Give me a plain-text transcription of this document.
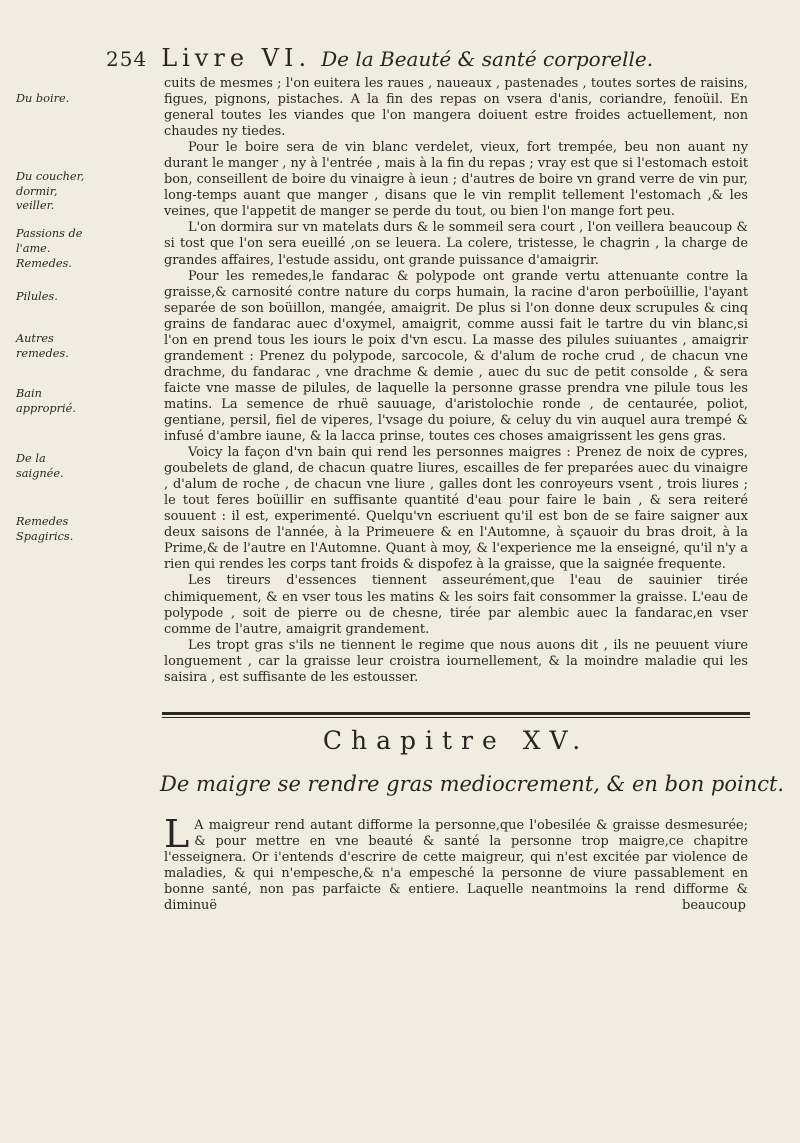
254 Livre VI. De la Beauté & santé corporelle.
Du boire.
Du coucher, dormir, veiller.
Passions de l'ame.
Remedes.
Pilules.
Autres remedes.
Bain approprié.
De la saignée.
Remedes Spagirics.

cuits de mesmes ; l'on euitera les raues , naueaux , pastenades , toutes sortes de raisins, figues, pignons, pistaches. A la fin des repas on vsera d'anis, coriandre, fenoüil. En general toutes les viandes que l'on mangera doiuent estre froides actuellement, non chaudes ny tiedes.

Pour le boire sera de vin blanc verdelet, vieux, fort trempée, beu non auant ny durant le manger , ny à l'entrée , mais à la fin du repas ; vray est que si l'estomach estoit bon, conseillent de boire du vinaigre à ieun ; d'autres de boire vn grand verre de vin pur, long-temps auant que manger , disans que le vin remplit tellement l'estomach ,& les veines, que l'appetit de manger se perde du tout, ou bien l'on mange fort peu.

L'on dormira sur vn matelats durs & le sommeil sera court , l'on veillera beaucoup & si tost que l'on sera eueillé ,on se leuera. La colere, tristesse, le chagrin , la charge de grandes affaires, l'estude assidu, ont grande puissance d'amaigrir.

Pour les remedes,le fandarac & polypode ont grande vertu attenuante contre la graisse,& carnosité contre nature du corps humain, la racine d'aron perboüillie, l'ayant separée de son boüillon, mangée, amaigrit. De plus si l'on donne deux scrupules & cinq grains de fandarac auec d'oxymel, amaigrit, comme aussi fait le tartre du vin blanc,si l'on en prend tous les iours le poix d'vn escu. La masse des pilules suiuantes , amaigrir grandement : Prenez du polypode, sarcocole, & d'alum de roche crud , de chacun vne drachme, du fandarac , vne drachme & demie , auec du suc de petit consolde , & sera faicte vne masse de pilules, de laquelle la personne grasse prendra vne pilule tous les matins. La semence de rhuë sauuage, d'aristolochie ronde , de centaurée, poliot, gentiane, persil, fiel de viperes, l'vsage du poiure, & celuy du vin auquel aura trempé & infusé d'ambre iaune, & la lacca prinse, toutes ces choses amaigrissent les gens gras.

Voicy la façon d'vn bain qui rend les personnes maigres : Prenez de noix de cypres, goubelets de gland, de chacun quatre liures, escailles de fer preparées auec du vinaigre , d'alum de roche , de chacun vne liure , galles dont les conroyeurs vsent , trois liures ; le tout feres boüillir en suffisante quantité d'eau pour faire le bain , & sera reiteré souuent : il est, experimenté. Quelqu'vn escriuent qu'il est bon de se faire saigner aux deux saisons de l'année, à la Primeuere & en l'Automne, à sçauoir du bras droit, à la Prime,& de l'autre en l'Automne. Quant à moy, & l'experience me la enseigné, qu'il n'y a rien qui rendes les corps tant froids & dispofez à la graisse, que la saignée frequente.

Les tireurs d'essences tiennent asseurément,que l'eau de sauinier tirée chimiquement, & en vser tous les matins & les soirs fait consommer la graisse. L'eau de polypode , soit de pierre ou de chesne, tirée par alembic auec la fandarac,en vser comme de l'autre, amaigrit grandement.

Les tropt gras s'ils ne tiennent le regime que nous auons dit , ils ne peuuent viure longuement , car la graisse leur croistra iournellement, & la moindre maladie qui les saisira , est suffisante de les estousser.

Chapitre XV.
De maigre se rendre gras mediocrement, & en bon poinct.
L A maigreur rend autant difforme la personne,que l'obesilée & graisse desmesurée; & pour mettre en vne beauté & santé la personne trop maigre,ce chapitre l'esseignera. Or i'entends d'escrire de cette maigreur, qui n'est excitée par violence de maladies, & qui n'empesche,& n'a empesché la personne de viure passablement en bonne santé, non pas parfaicte & entiere. Laquelle neantmoins la rend difforme & diminuë	beaucoup
